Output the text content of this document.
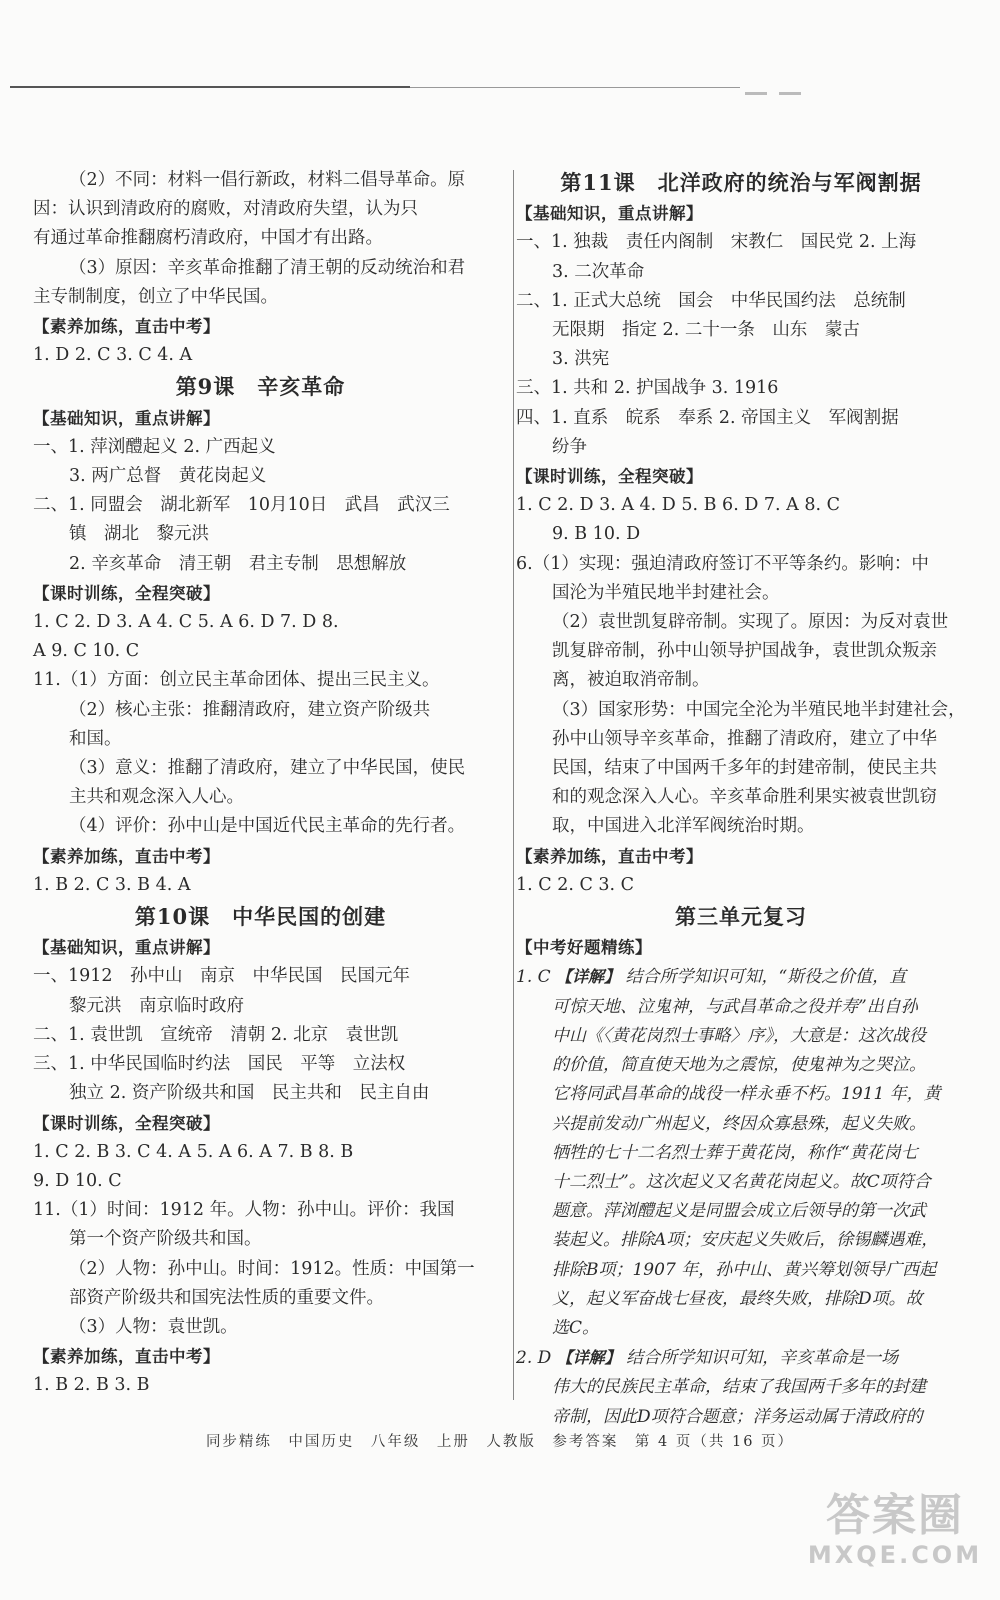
（2）不同：材料一倡行新政，材料二倡导革命。原
因：认识到清政府的腐败，对清政府失望，认为只
有通过革命推翻腐朽清政府，中国才有出路。
（3）原因：辛亥革命推翻了清王朝的反动统治和君
主专制制度，创立了中华民国。
【素养加练，直击中考】
1. D 2. C 3. C 4. A
第9课　辛亥革命
【基础知识，重点讲解】
一、1. 萍浏醴起义 2. 广西起义
3. 两广总督　黄花岗起义
二、1. 同盟会　湖北新军　10月10日　武昌　武汉三
镇　湖北　黎元洪
2. 辛亥革命　清王朝　君主专制　思想解放
【课时训练，全程突破】
1. C 2. D 3. A 4. C 5. A 6. D 7. D 8.
A 9. C 10. C
11.（1）方面：创立民主革命团体、提出三民主义。
（2）核心主张：推翻清政府，建立资产阶级共
和国。
（3）意义：推翻了清政府，建立了中华民国，使民
主共和观念深入人心。
（4）评价：孙中山是中国近代民主革命的先行者。
【素养加练，直击中考】
1. B 2. C 3. B 4. A
第10课　中华民国的创建
【基础知识，重点讲解】
一、1912　孙中山　南京　中华民国　民国元年
黎元洪　南京临时政府
二、1. 袁世凯　宣统帝　清朝 2. 北京　袁世凯
三、1. 中华民国临时约法　国民　平等　立法权
独立 2. 资产阶级共和国　民主共和　民主自由
【课时训练，全程突破】
1. C 2. B 3. C 4. A 5. A 6. A 7. B 8. B
9. D 10. C
11.（1）时间：1912 年。人物：孙中山。评价：我国
第一个资产阶级共和国。
（2）人物：孙中山。时间：1912。性质：中国第一
部资产阶级共和国宪法性质的重要文件。
（3）人物：袁世凯。
【素养加练，直击中考】
1. B 2. B 3. B
第11课　北洋政府的统治与军阀割据
【基础知识，重点讲解】
一、1. 独裁　责任内阁制　宋教仁　国民党 2. 上海
3. 二次革命
二、1. 正式大总统　国会　中华民国约法　总统制
无限期　指定 2. 二十一条　山东　蒙古
3. 洪宪
三、1. 共和 2. 护国战争 3. 1916
四、1. 直系　皖系　奉系 2. 帝国主义　军阀割据
纷争
【课时训练，全程突破】
1. C 2. D 3. A 4. D 5. B 6. D 7. A 8. C
9. B 10. D
6.（1）实现：强迫清政府签订不平等条约。影响：中
国沦为半殖民地半封建社会。
（2）袁世凯复辟帝制。实现了。原因：为反对袁世
凯复辟帝制，孙中山领导护国战争，袁世凯众叛亲
离，被迫取消帝制。
（3）国家形势：中国完全沦为半殖民地半封建社会，
孙中山领导辛亥革命，推翻了清政府，建立了中华
民国，结束了中国两千多年的封建帝制，使民主共
和的观念深入人心。辛亥革命胜利果实被袁世凯窃
取，中国进入北洋军阀统治时期。
【素养加练，直击中考】
1. C 2. C 3. C
第三单元复习
【中考好题精练】
1. C 【详解】 结合所学知识可知，“斯役之价值，直
可惊天地、泣鬼神，与武昌革命之役并寿”出自孙
中山《〈黄花岗烈士事略〉序》，大意是：这次战役
的价值，简直使天地为之震惊，使鬼神为之哭泣。
它将同武昌革命的战役一样永垂不朽。1911 年，黄
兴提前发动广州起义，终因众寡悬殊，起义失败。
牺牲的七十二名烈士葬于黄花岗，称作“黄花岗七
十二烈士”。这次起义又名黄花岗起义。故C项符合
题意。萍浏醴起义是同盟会成立后领导的第一次武
装起义。排除A项；安庆起义失败后，徐锡麟遇难，
排除B项；1907 年，孙中山、黄兴筹划领导广西起
义，起义军奋战七昼夜，最终失败，排除D项。故
选C。
2. D 【详解】 结合所学知识可知，辛亥革命是一场
伟大的民族民主革命，结束了我国两千多年的封建
帝制，因此D项符合题意；洋务运动属于清政府的
同步精练　中国历史　八年级　上册　人教版　参考答案　第 4 页（共 16 页）
答案圈
MXQE.COM
